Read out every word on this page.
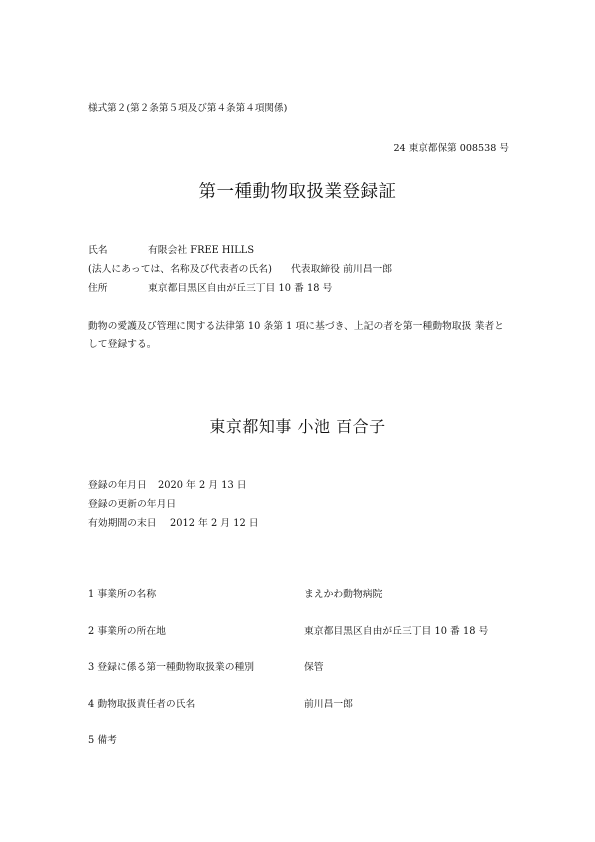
様式第２(第２条第５項及び第４条第４項関係)
24 東京都保第 008538 号
第一種動物取扱業登録証
氏名	有限会社 FREE HILLS
(法人にあっては、名称及び代表者の氏名) 代表取締役 前川昌一郎
住所	東京都目黒区自由が丘三丁目 10 番 18 号
動物の愛護及び管理に関する法律第 10 条第 1 項に基づき、上記の者を第一種動物取扱 業者として登録する。
東京都知事 小池 百合子
登録の年月日 2020 年 2 月 13 日
登録の更新の年月日
有効期間の末日 2012 年 2 月 12 日
1 事業所の名称	まえかわ動物病院
2 事業所の所在地	東京都目黒区自由が丘三丁目 10 番 18 号
3 登録に係る第一種動物取扱業の種別	保管
4 動物取扱責任者の氏名	前川昌一郎
5 備考
